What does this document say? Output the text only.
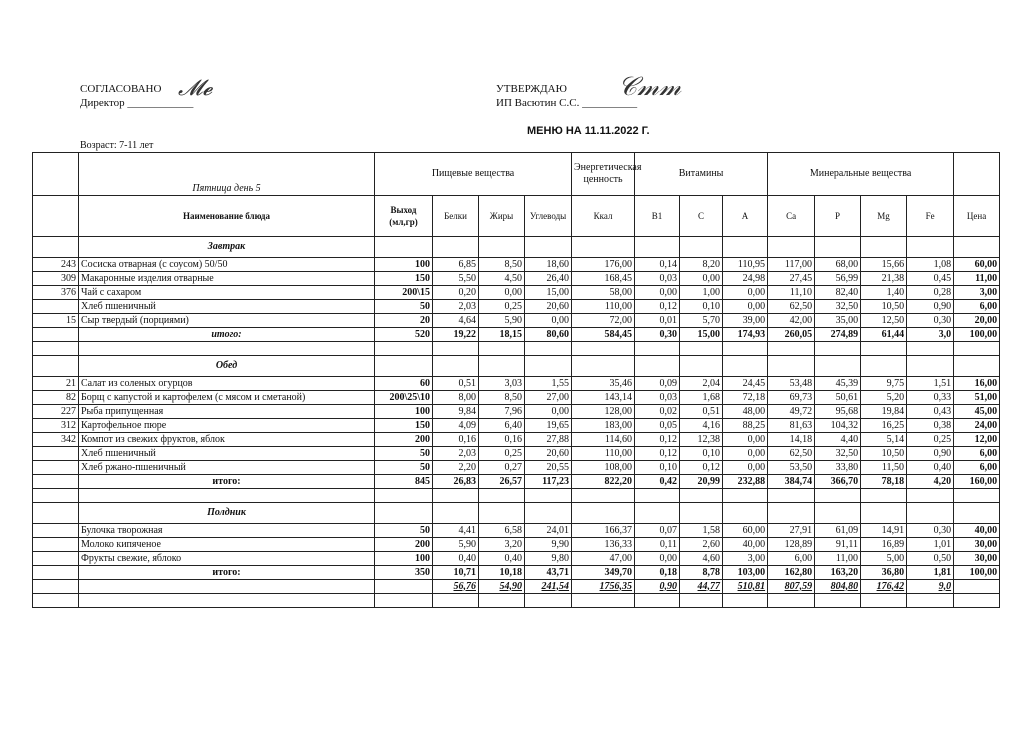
СОГЛАСОВАНО
Директор ____________
𝓜𝓮	УТВЕРЖДАЮ
ИП Васютин С.С. __________
𝒞𝓂𝓂
МЕНЮ НА 11.11.2022 Г.
Возраст: 7-11 лет
	Пятница день 5	Пищевые вещества				Энергетическая ценность	Витамины			Минеральные вещества				
	Наименование блюда	Выход (мл,гр)	Белки	Жиры	Углеводы	Ккал	B1	C	A	Ca	P	Mg	Fe	Цена
	Завтрак													
243	Сосиска отварная (с соусом) 50/50	100	6,85	8,50	18,60	176,00	0,14	8,20	110,95	117,00	68,00	15,66	1,08	60,00
309	Макаронные изделия отварные	150	5,50	4,50	26,40	168,45	0,03	0,00	24,98	27,45	56,99	21,38	0,45	11,00
376	Чай с сахаром	200\15	0,20	0,00	15,00	58,00	0,00	1,00	0,00	11,10	82,40	1,40	0,28	3,00
	Хлеб пшеничный	50	2,03	0,25	20,60	110,00	0,12	0,10	0,00	62,50	32,50	10,50	0,90	6,00
15	Сыр твердый (порциями)	20	4,64	5,90	0,00	72,00	0,01	5,70	39,00	42,00	35,00	12,50	0,30	20,00
	итого:	520	19,22	18,15	80,60	584,45	0,30	15,00	174,93	260,05	274,89	61,44	3,0	100,00

	Обед													
21	Салат из соленых огурцов	60	0,51	3,03	1,55	35,46	0,09	2,04	24,45	53,48	45,39	9,75	1,51	16,00
82	Борщ с капустой и картофелем (с мясом и сметаной)	200\25\10	8,00	8,50	27,00	143,14	0,03	1,68	72,18	69,73	50,61	5,20	0,33	51,00
227	Рыба припущенная	100	9,84	7,96	0,00	128,00	0,02	0,51	48,00	49,72	95,68	19,84	0,43	45,00
312	Картофельное пюре	150	4,09	6,40	19,65	183,00	0,05	4,16	88,25	81,63	104,32	16,25	0,38	24,00
342	Компот из свежих фруктов, яблок	200	0,16	0,16	27,88	114,60	0,12	12,38	0,00	14,18	4,40	5,14	0,25	12,00
	Хлеб пшеничный	50	2,03	0,25	20,60	110,00	0,12	0,10	0,00	62,50	32,50	10,50	0,90	6,00
	Хлеб ржано-пшеничный	50	2,20	0,27	20,55	108,00	0,10	0,12	0,00	53,50	33,80	11,50	0,40	6,00
	итого:	845	26,83	26,57	117,23	822,20	0,42	20,99	232,88	384,74	366,70	78,18	4,20	160,00

	Полдник													
	Булочка творожная	50	4,41	6,58	24,01	166,37	0,07	1,58	60,00	27,91	61,09	14,91	0,30	40,00
	Молоко кипяченое	200	5,90	3,20	9,90	136,33	0,11	2,60	40,00	128,89	91,11	16,89	1,01	30,00
	Фрукты свежие, яблоко	100	0,40	0,40	9,80	47,00	0,00	4,60	3,00	6,00	11,00	5,00	0,50	30,00
	итого:	350	10,71	10,18	43,71	349,70	0,18	8,78	103,00	162,80	163,20	36,80	1,81	100,00
			56,76	54,90	241,54	1756,35	0,90	44,77	510,81	807,59	804,80	176,42	9,0	
